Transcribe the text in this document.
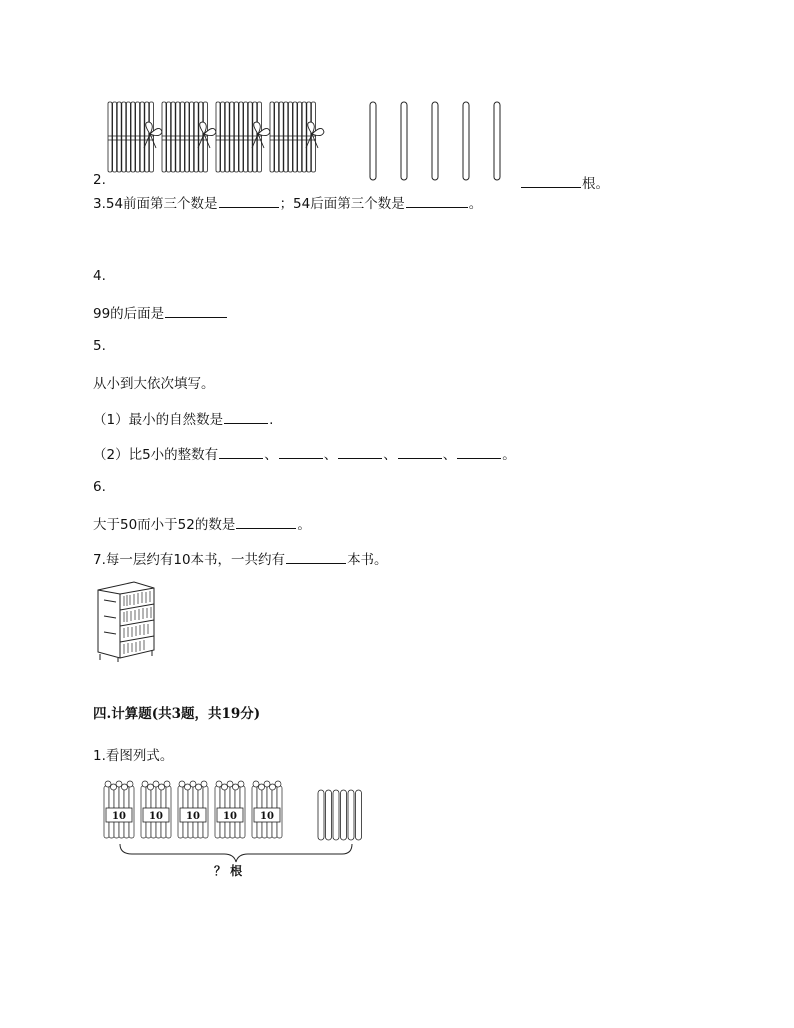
2.	根。
3.54前面第三个数是	；54后面第三个数是	。
4.
99的后面是
5.
从小到大依次填写。
（1）最小的自然数是	.
（2）比5小的整数有	、	、	、	、	。
6.
大于50而小于52的数是	。
7.每一层约有10本书，一共约有	本书。
四.计算题(共3题，共19分)
1.看图列式。
10 10 10 10 10
？ 根
